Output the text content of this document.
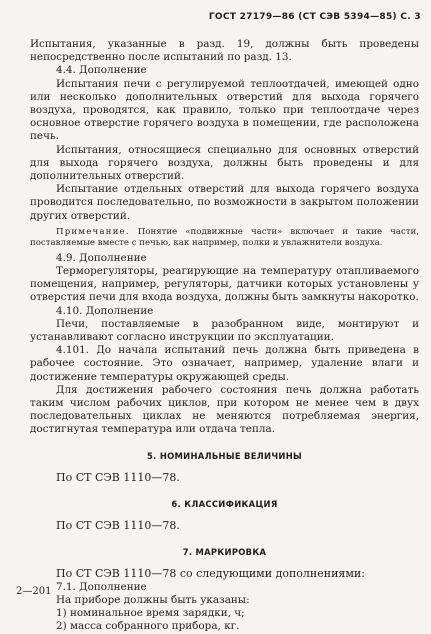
ГОСТ 27179—86 (СТ СЭВ 5394—85) С. 3

Испытания, указанные в разд. 19, должны быть проведены непосредственно после испытаний по разд. 13.

4.4. Дополнение

Испытания печи с регулируемой теплоотдачей, имеющей одно или несколько дополнительных отверстий для выхода горячего воздуха, проводятся, как правило, только при теплоотдаче через основное отверстие горячего воздуха в помещении, где расположена печь.

Испытания, относящиеся специально для основных отверстий для выхода горячего воздуха, должны быть проведены и для дополнительных отверстий.

Испытание отдельных отверстий для выхода горячего воздуха проводится последовательно, по возможности в закрытом положении других отверстий.

Примечание. Понятие «подвижные части» включает и такие части, поставляемые вместе с печью, как например, полки и увлажнители воздуха.

4.9. Дополнение

Терморегуляторы, реагирующие на температуру отапливаемого помещения, например, регуляторы, датчики которых установлены у отверстия печи для входа воздуха, должны быть замкнуты накоротко.

4.10. Дополнение

Печи, поставляемые в разобранном виде, монтируют и устанавливают согласно инструкции по эксплуатации.

4.101. До начала испытаний печь должна быть приведена в рабочее состояние. Это означает, например, удаление влаги и достижение температуры окружающей среды.

Для достижения рабочего состояния печь должна работать таким числом рабочих циклов, при котором не менее чем в двух последовательных циклах не меняются потребляемая энергия, достигнутая температура или отдача тепла.

5. НОМИНАЛЬНЫЕ ВЕЛИЧИНЫ

По СТ СЭВ 1110—78.

6. КЛАССИФИКАЦИЯ

По СТ СЭВ 1110—78.

7. МАРКИРОВКА

По СТ СЭВ 1110—78 со следующими дополнениями:

7.1. Дополнение

На приборе должны быть указаны:

1) номинальное время зарядки, ч;

2) масса собранного прибора, кг.

2—201
